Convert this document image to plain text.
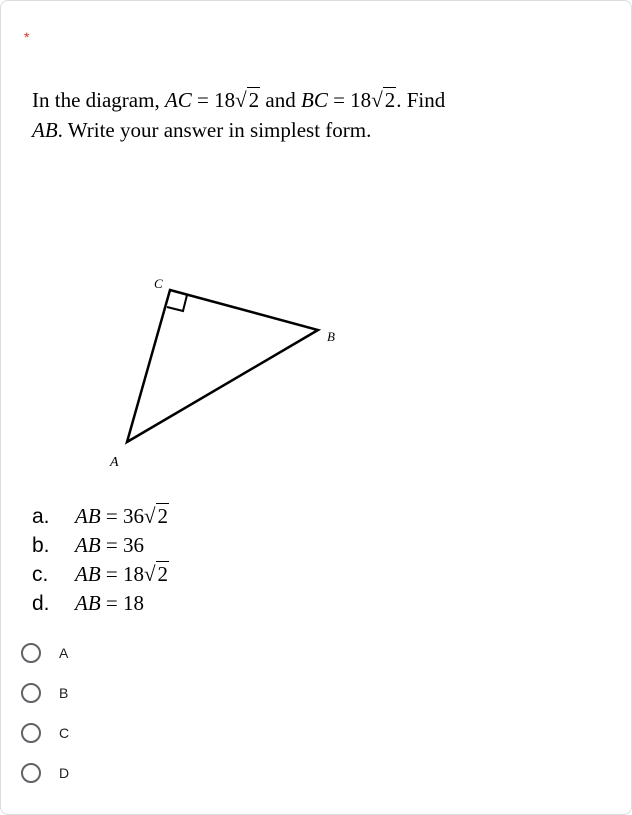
*
In the diagram, AC = 18√2 and BC = 18√2. Find
AB. Write your answer in simplest form.
C
B
A
a.	AB = 36√2
b.	AB = 36
c.	AB = 18√2
d.	AB = 18
A
B
C
D
